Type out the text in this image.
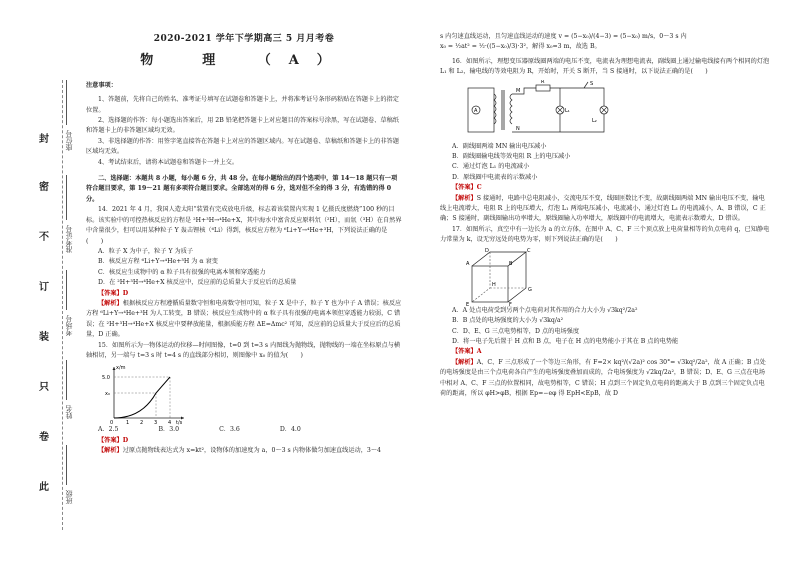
封
密
不
订
装
只
卷
此
座位号
准考证号
考场号
姓名
班级
2020-2021 学年下学期高三 5 月月考卷
物　理　（A）

注意事项：

1、答题前，先将自己的姓名、准考证号填写在试题卷和答题卡上，并将准考证号条形码粘贴在答题卡上的指定位置。

2、选择题的作答：每小题选出答案后，用 2B 铅笔把答题卡上对应题目的答案标号涂黑，写在试题卷、草稿纸和答题卡上的非答题区域均无效。

3、非选择题的作答：用签字笔直接答在答题卡上对应的答题区域内。写在试题卷、草稿纸和答题卡上的非答题区域均无效。

4、考试结束后，请将本试题卷和答题卡一并上交。

二、选择题：本题共 8 小题，每小题 6 分，共 48 分。在每小题给出的四个选项中，第 14～18 题只有一项符合题目要求，第 19～21 题有多项符合题目要求。全部选对的得 6 分，选对但不全的得 3 分，有选错的得 0 分。

14．2021 年 4 月，我国人造太阳“装置有完成放电升级，标志着该装置内实现 1 亿摄氏度燃烧”100 秒的目标。该实验中的可控热核反应的方程是 ²H+³H→⁴He+X，其中海水中富含反应原料氘（²H），而氚（³H）在自然界中含量很少，但可以用某种粒子 Y 轰击锂核（⁶Li）得到，核反应方程为 ⁶Li+Y→⁴He+³H，下列说法正确的是(　　)

A．粒子 X 为中子，粒子 Y 为质子

B．核反应方程 ⁶Li+Y→⁴He+³H 为 α 衰变

C．核反应生成物中的 α 粒子具有很强的电离本领和穿透能力

D．在 ²H+³H→⁴He+X 核反应中，反应前的总质量大于反应后的总质量

【答案】D

【解析】根据核反应方程遵循质量数守恒和电荷数守恒可知，粒子 X 是中子，粒子 Y 也为中子 A 错误；核反应方程 ⁶Li+Y→⁴He+³H 为人工转变，B 错误；核反应生成物中的 α 粒子具有很强的电离本领但穿透能力较弱，C 错误；在 ²H+³H→⁴He+X 核反应中要释放能量，根据质能方程 ΔE=Δmc² 可知，反应前的总质量大于反应后的总质量，D 正确。

15．如图所示为一物体运动的位移—时间图像，t=0 到 t=3 s 内图线为抛物线，抛物线的一端在坐标原点与横轴相切，另一端与 t=3 s 时 t=4 s 的直线部分相切，则图像中 x₀ 的值为(　　)

x/m
t/s
5.0
x₀
0	1 2 3 4
A．2.5	B．3.0	C．3.6	D．4.0

【答案】D

【解析】过原点抛物线表达式为 x=kt²，设物体的加速度为 a，0～3 s 内物体做匀加速直线运动，3～4

s 内匀速直线运动，且匀速直线运动的速度 v = (5−x₀)/(4−3) = (5−x₀) m/s，0～3 s 内

x₀ = ½at² = ½·((5−x₀)/3)·3²，解得 x₀=3 m，故选 B。

16．如图所示，理想变压器原线圈两端的电压不变，电流表为理想电流表，副线圈上通过输电线接有两个相同的灯泡 L₁ 和 L₂，输电线的等效电阻为 R，开始时，开关 S 断开，当 S 接通时，以下说法正确的是(　　)

A
M
N
R
L₁
S
L₂

A．副线圈两端 MN 输出电压减小

B．副线圈输电线等效电阻 R 上的电压减小

C．通过灯泡 L₁ 的电流减小

D．原线圈中电流表的示数减小

【答案】C

【解析】S 接通时，电路中总电阻减小，交流电压不变，线圈匝数比不变，故副线圈两端 MN 输出电压不变，输电线上电流增大，电阻 R 上的电压增大，灯泡 L₁ 两端电压减小，电流减小，通过灯泡 L₁ 的电流减小，A、B 错误，C 正确；S 接通时，副线圈输出功率增大，原线圈输入功率增大，原线圈中的电流增大，电流表示数增大，D 错误。

17．如图所示，真空中有一边长为 a 的立方体，在图中 A、C、F 三个顶点放上电荷量相等的负点电荷 q，已知静电力常量为 k，设无穷远处的电势为零，则下列说法正确的是(　　)

A	B
C
D
E	F
G
H

A．A 处点电荷受到另两个点电荷对其作用的合力大小为 √3kq²/2a²

B．B 点处的电场强度的大小为 √3kq/a²

C．D、E、G 三点电势相等，D 点的电场强度

D．将一电子先后置于 H 点和 B 点，电子在 H 点的电势能小于其在 B 点的电势能

【答案】A

【解析】A、C、F 三点形成了一个等边三角形，有 F=2× kq²/(√2a)² cos 30°= √3kq²/2a²，故 A 正确；B 点处的电场强度是由三个点电荷各自产生的电场强度叠加而成的，合电场强度为 √2kq/2a²，B 错误；D、E、G 三点在电场中相对 A、C、F 三点的位置相同，故电势相等，C 错误；H 点到三个固定负点电荷的距离大于 B 点到三个固定负点电荷的距离，所以 φH>φB，根据 Ep=−eφ 得 EpH<EpB，故 D
